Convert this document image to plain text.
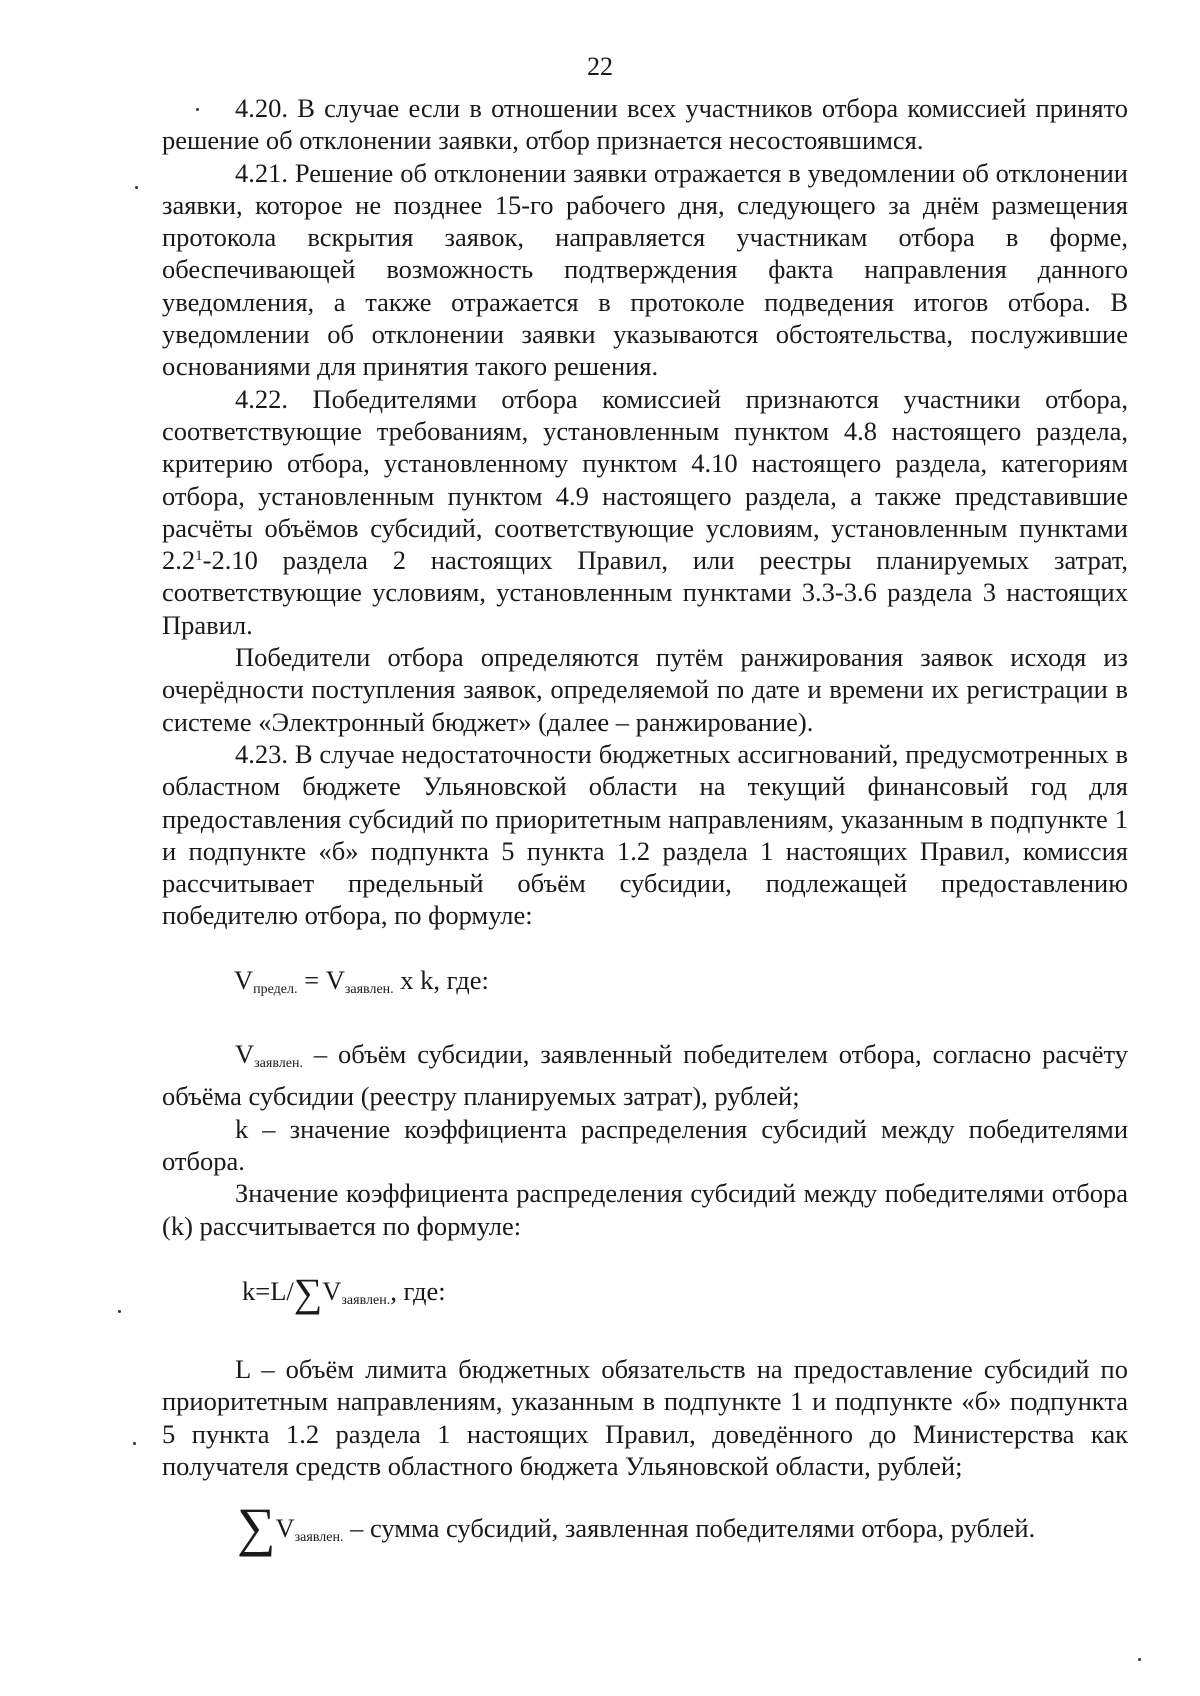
22

4.20. В случае если в отношении всех участников отбора комиссией принято решение об отклонении заявки, отбор признается несостоявшимся.

4.21. Решение об отклонении заявки отражается в уведомлении об отклонении заявки, которое не позднее 15-го рабочего дня, следующего за днём размещения протокола вскрытия заявок, направляется участникам отбора в форме, обеспечивающей возможность подтверждения факта направления данного уведомления, а также отражается в протоколе подведения итогов отбора. В уведомлении об отклонении заявки указываются обстоятельства, послужившие основаниями для принятия такого решения.

4.22. Победителями отбора комиссией признаются участники отбора, соответствующие требованиям, установленным пунктом 4.8 настоящего раздела, критерию отбора, установленному пунктом 4.10 настоящего раздела, категориям отбора, установленным пунктом 4.9 настоящего раздела, а также представившие расчёты объёмов субсидий, соответствующие условиям, установленным пунктами $2.2^1-2.10$ раздела 2 настоящих Правил, или реестры планируемых затрат, соответствующие условиям, установленным пунктами 3.3-3.6 раздела 3 настоящих Правил.

Победители отбора определяются путём ранжирования заявок исходя из очерёдности поступления заявок, определяемой по дате и времени их регистрации в системе «Электронный бюджет» (далее – ранжирование).

4.23. В случае недостаточности бюджетных ассигнований, предусмотренных в областном бюджете Ульяновской области на текущий финансовый год для предоставления субсидий по приоритетным направлениям, указанным в подпункте 1 и подпункте «б» подпункта 5 пункта 1.2 раздела 1 настоящих Правил, комиссия рассчитывает предельный объём субсидии, подлежащей предоставлению победителю отбора, по формуле:

$V_{предел.} = V_{заявлен.}$ x k, где:

$V_{заявлен.}$ – объём субсидии, заявленный победителем отбора, согласно расчёту объёма субсидии (реестру планируемых затрат), рублей;

k – значение коэффициента распределения субсидий между победителями отбора.

Значение коэффициента распределения субсидий между победителями отбора (k) рассчитывается по формуле:

$k=L/\sum V_{заявлен.}$, где:

L – объём лимита бюджетных обязательств на предоставление субсидий по приоритетным направлениям, указанным в подпункте 1 и подпункте «б» подпункта 5 пункта 1.2 раздела 1 настоящих Правил, доведённого до Министерства как получателя средств областного бюджета Ульяновской области, рублей;

$\sum V_{заявлен.}$ – сумма субсидий, заявленная победителями отбора, рублей.
